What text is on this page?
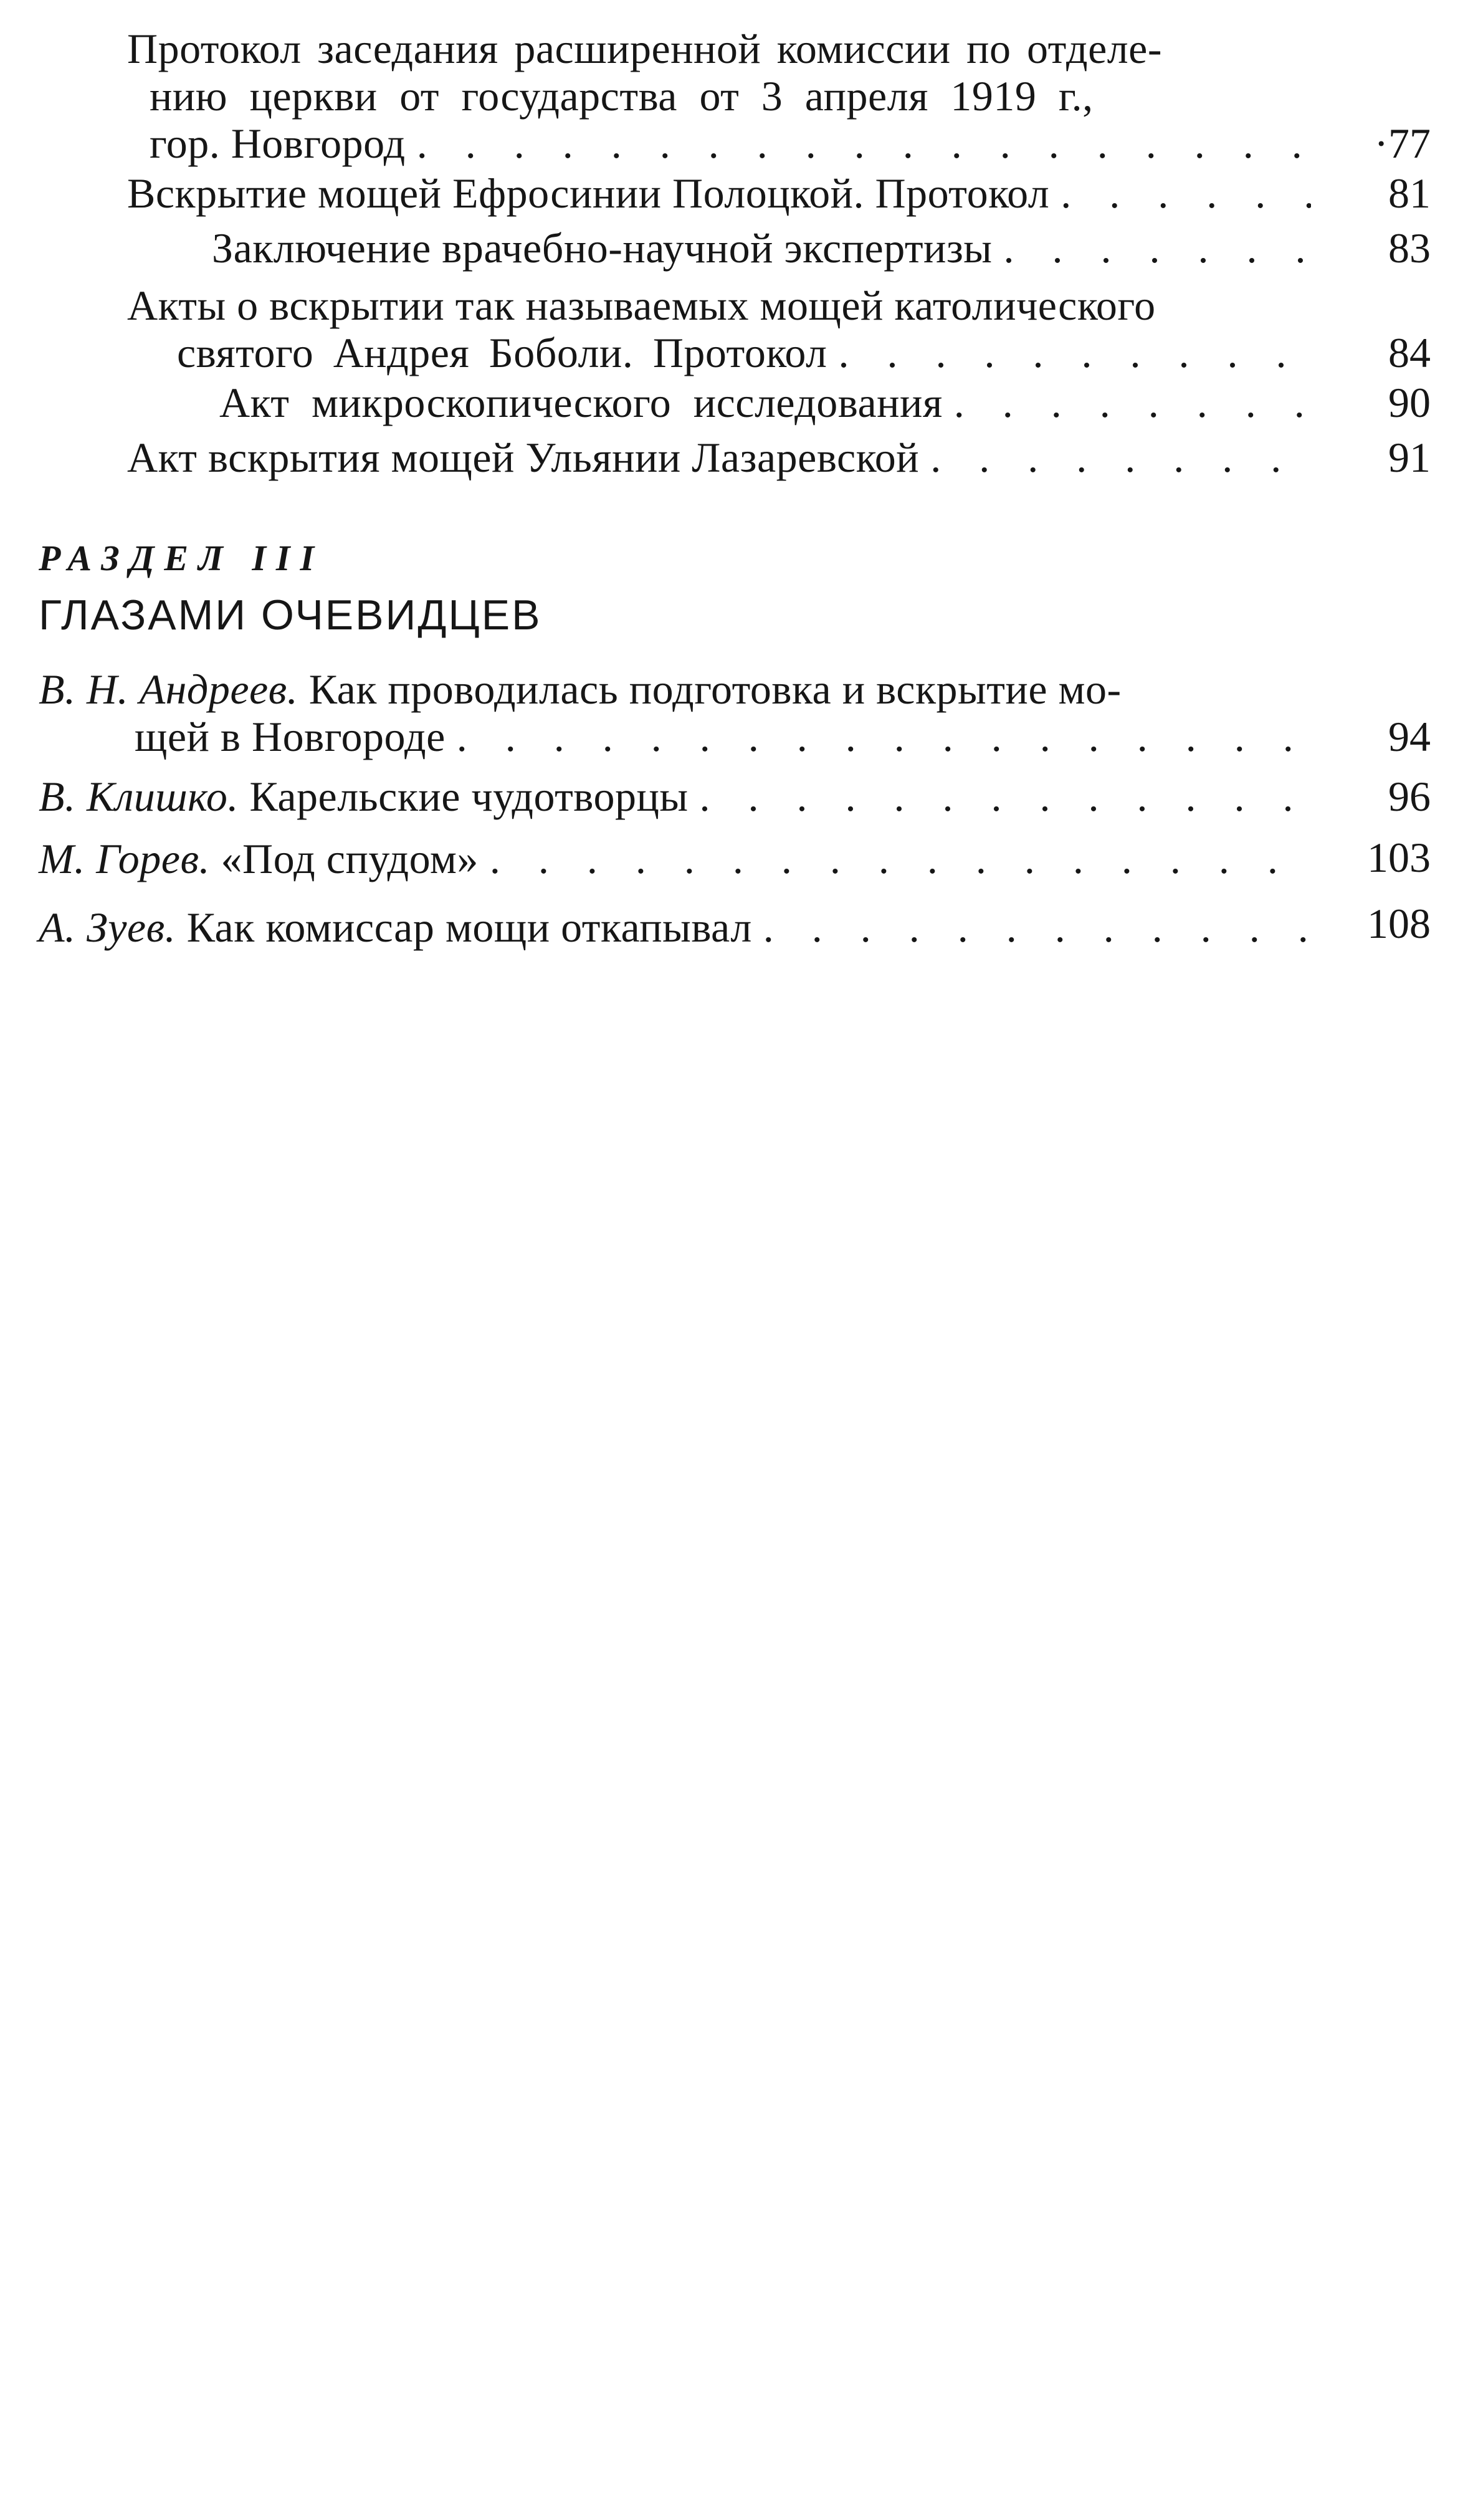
Протокол заседания расширенной комиссии по отделе-
нию церкви от государства от 3 апреля 1919 г.,
гор. Новгород . . .	·77
Вскрытие мощей Ефросинии Полоцкой. Протокол . . .	81
Заключение врачебно-научной экспертизы . . .	83
Акты о вскрытии так называемых мощей католического
святого Андрея Боболи. Протокол . . .	84
Акт микроскопического исследования . . .	90
Акт вскрытия мощей Ульянии Лазаревской . . .	91
РАЗДЕЛ III
ГЛАЗАМИ ОЧЕВИДЦЕВ
В. Н. Андреев. Как проводилась подготовка и вскрытие мо-
щей в Новгороде . . .	94
В. Клишко. Карельские чудотворцы . . .	96
М. Горев. «Под спудом» . . .	103
А. Зуев. Как комиссар мощи откапывал . . .	108
